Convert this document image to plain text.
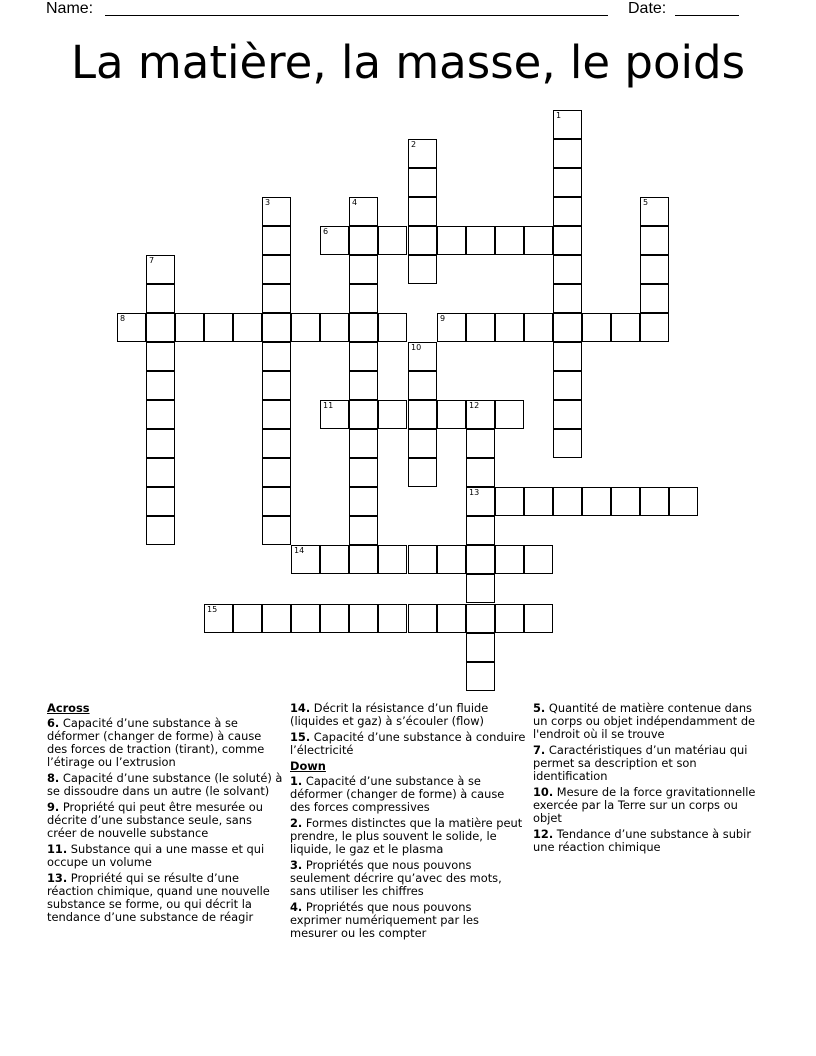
Name:	Date:
La matière, la masse, le poids
1
2
3	4	5
6
7
8	9
10
11	12
13
14
15
Across
6. Capacité d’une substance à se déformer (changer de forme) à cause des forces de traction (tirant), comme l’étirage ou l’extrusion
8. Capacité d’une substance (le soluté) à se dissoudre dans un autre (le solvant)
9. Propriété qui peut être mesurée ou décrite d’une substance seule, sans créer de nouvelle substance
11. Substance qui a une masse et qui occupe un volume
13. Propriété qui se résulte d’une réaction chimique, quand une nouvelle substance se forme, ou qui décrit la tendance d’une substance de réagir
14. Décrit la résistance d’un fluide (liquides et gaz) à s’écouler (flow)
15. Capacité d’une substance à conduire l’électricité
Down
1. Capacité d’une substance à se déformer (changer de forme) à cause des forces compressives
2. Formes distinctes que la matière peut prendre, le plus souvent le solide, le liquide, le gaz et le plasma
3. Propriétés que nous pouvons seulement décrire qu’avec des mots, sans utiliser les chiffres
4. Propriétés que nous pouvons exprimer numériquement par les mesurer ou les compter
5. Quantité de matière contenue dans un corps ou objet indépendamment de l'endroit où il se trouve
7. Caractéristiques d’un matériau qui permet sa description et son identification
10. Mesure de la force gravitationnelle exercée par la Terre sur un corps ou objet
12. Tendance d’une substance à subir une réaction chimique
